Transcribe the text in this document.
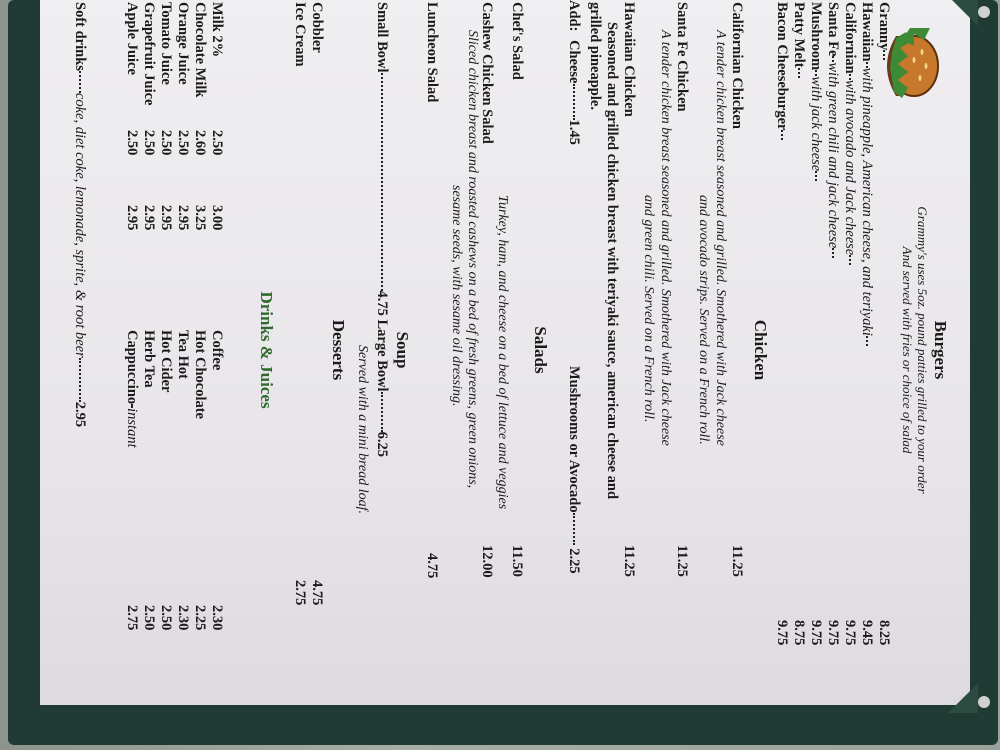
Burgers
Grammy's uses 5oz. pound patties grilled to your order
And served with fries or choice of salad
Granny
8.25
Hawaiianwith pineapple, American cheese, and teriyaki
9.45
Californianwith avocado and Jack cheese
9.75
Santa Fewith green chili and jack cheese
9.75
Mushroomwith jack cheese
9.75
Patty Melt
8.75
Bacon Cheeseburger
9.75
Chicken
Californian Chicken
11.25
A tender chicken breast seasoned and grilled. Smothered with Jack cheese
and avocado strips. Served on a French roll.
Santa Fe Chicken
11.25
A tender chicken breast seasoned and grilled. Smothered with Jack cheese
and green chili. Served on a French roll.
Hawaiian Chicken
11.25
Seasoned and grilled chicken breast with teriyaki sauce, american cheese and
grilled pineapple.
Add:
Cheese1.45
Mushrooms or Avocado 2.25
Salads
Chef's Salad
11.50
Turkey, ham, and cheese on a bed of lettuce and veggies
Cashew Chicken Salad
12.00
Sliced chicken breast and roasted cashews on a bed of fresh greens, green onions,
sesame seeds, with sesame oil dressing.
Luncheon Salad
4.75
Soup
Small Bowl4.75 Large Bowl6.25
Served with a mini bread loaf.
Desserts
Cobbler
4.75
Ice Cream
2.75
Drinks & Juices
Milk 2%
2.50
3.00
Chocolate Milk
2.60
3.25
Orange Juice
2.50
2.95
Tomato Juice
2.50
2.95
Grapefruit Juice
2.50
2.95
Apple Juice
2.50
2.95
Coffee
2.30
Hot Chocolate
2.25
Tea Hot
2.30
Hot Cider
2.50
Herb Tea
2.50
Cappuccinoinstant
2.75
Soft drinkscoke, diet coke, lemonade, sprite, & root beer2.95
